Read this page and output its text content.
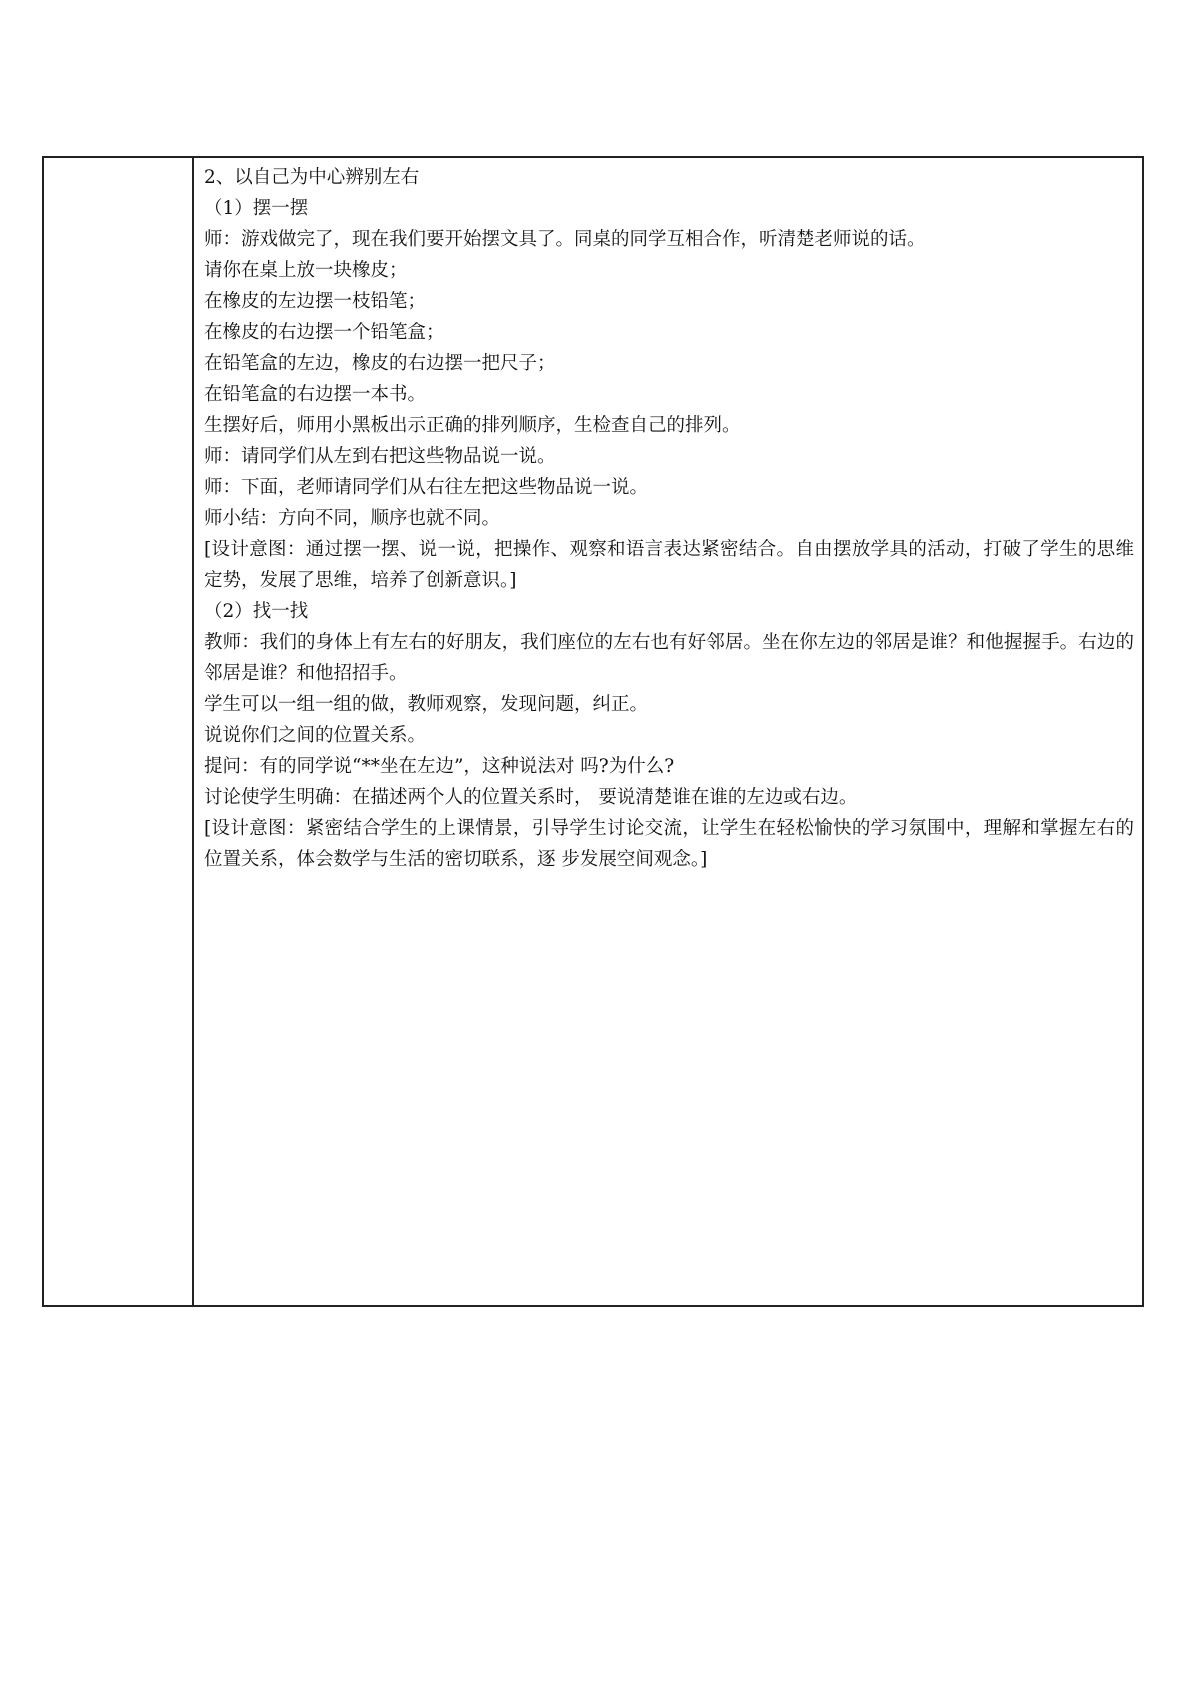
2、以自己为中心辨别左右
（1）摆一摆
师：游戏做完了，现在我们要开始摆文具了。同桌的同学互相合作，听清楚老师说的话。
请你在桌上放一块橡皮；
在橡皮的左边摆一枝铅笔；
在橡皮的右边摆一个铅笔盒；
在铅笔盒的左边，橡皮的右边摆一把尺子；
在铅笔盒的右边摆一本书。
生摆好后，师用小黑板出示正确的排列顺序，生检查自己的排列。
师：请同学们从左到右把这些物品说一说。
师：下面，老师请同学们从右往左把这些物品说一说。
师小结：方向不同，顺序也就不同。
[设计意图：通过摆一摆、说一说，把操作、观察和语言表达紧密结合。自由摆放学具的活动，打破了学生的思维定势，发展了思维，培养了创新意识。]
（2）找一找
教师：我们的身体上有左右的好朋友，我们座位的左右也有好邻居。坐在你左边的邻居是谁？和他握握手。右边的邻居是谁？和他招招手。
学生可以一组一组的做，教师观察，发现问题，纠正。
说说你们之间的位置关系。
提问：有的同学说“**坐在左边”，这种说法对 吗?为什么?
讨论使学生明确：在描述两个人的位置关系时， 要说清楚谁在谁的左边或右边。
[设计意图：紧密结合学生的上课情景，引导学生讨论交流，让学生在轻松愉快的学习氛围中，理解和掌握左右的位置关系，体会数学与生活的密切联系，逐 步发展空间观念。]
